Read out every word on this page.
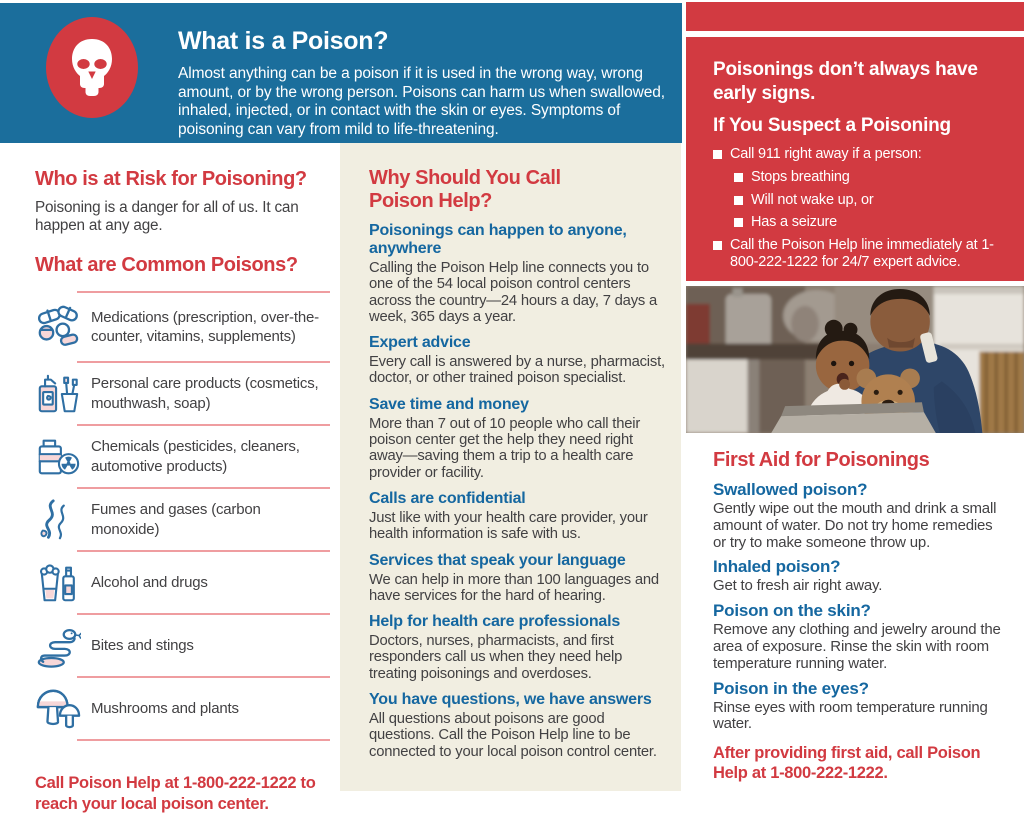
What is a Poison?

Almost anything can be a poison if it is used in the wrong way, wrong amount, or by the wrong person. Poisons can harm us when swallowed, inhaled, injected, or in contact with the skin or eyes. Symptoms of poisoning can vary from mild to life-threatening.

Who is at Risk for Poisoning?

Poisoning is a danger for all of us. It can happen at any age.

What are Common Poisons?
Medications (prescription, over-the-counter, vitamins, supplements)
Personal care products (cosmetics, mouthwash, soap)
Chemicals (pesticides, cleaners, automotive products)
Fumes and gases (carbon monoxide)
Alcohol and drugs
Bites and stings
Mushrooms and plants

Call Poison Help at 1-800-222-1222 to reach your local poison center.

Why Should You Call Poison Help?
Poisonings can happen to anyone, anywhere

Calling the Poison Help line connects you to one of the 54 local poison control centers across the country—24 hours a day, 7 days a week, 365 days a year.

Expert advice

Every call is answered by a nurse, pharmacist, doctor, or other trained poison specialist.

Save time and money

More than 7 out of 10 people who call their poison center get the help they need right away—saving them a trip to a health care provider or facility.

Calls are confidential

Just like with your health care provider, your health information is safe with us.

Services that speak your language

We can help in more than 100 languages and have services for the hard of hearing.

Help for health care professionals

Doctors, nurses, pharmacists, and first responders call us when they need help treating poisonings and overdoses.

You have questions, we have answers

All questions about poisons are good questions. Call the Poison Help line to be connected to your local poison control center.

Poisonings don’t always have early signs.
If You Suspect a Poisoning
Call 911 right away if a person:
Stops breathing
Will not wake up, or
Has a seizure
Call the Poison Help line immediately at 1-800-222-1222 for 24/7 expert advice.
First Aid for Poisonings
Swallowed poison?

Gently wipe out the mouth and drink a small amount of water. Do not try home remedies or try to make someone throw up.

Inhaled poison?

Get to fresh air right away.

Poison on the skin?

Remove any clothing and jewelry around the area of exposure. Rinse the skin with room temperature running water.

Poison in the eyes?

Rinse eyes with room temperature running water.

After providing first aid, call Poison Help at 1-800-222-1222.
